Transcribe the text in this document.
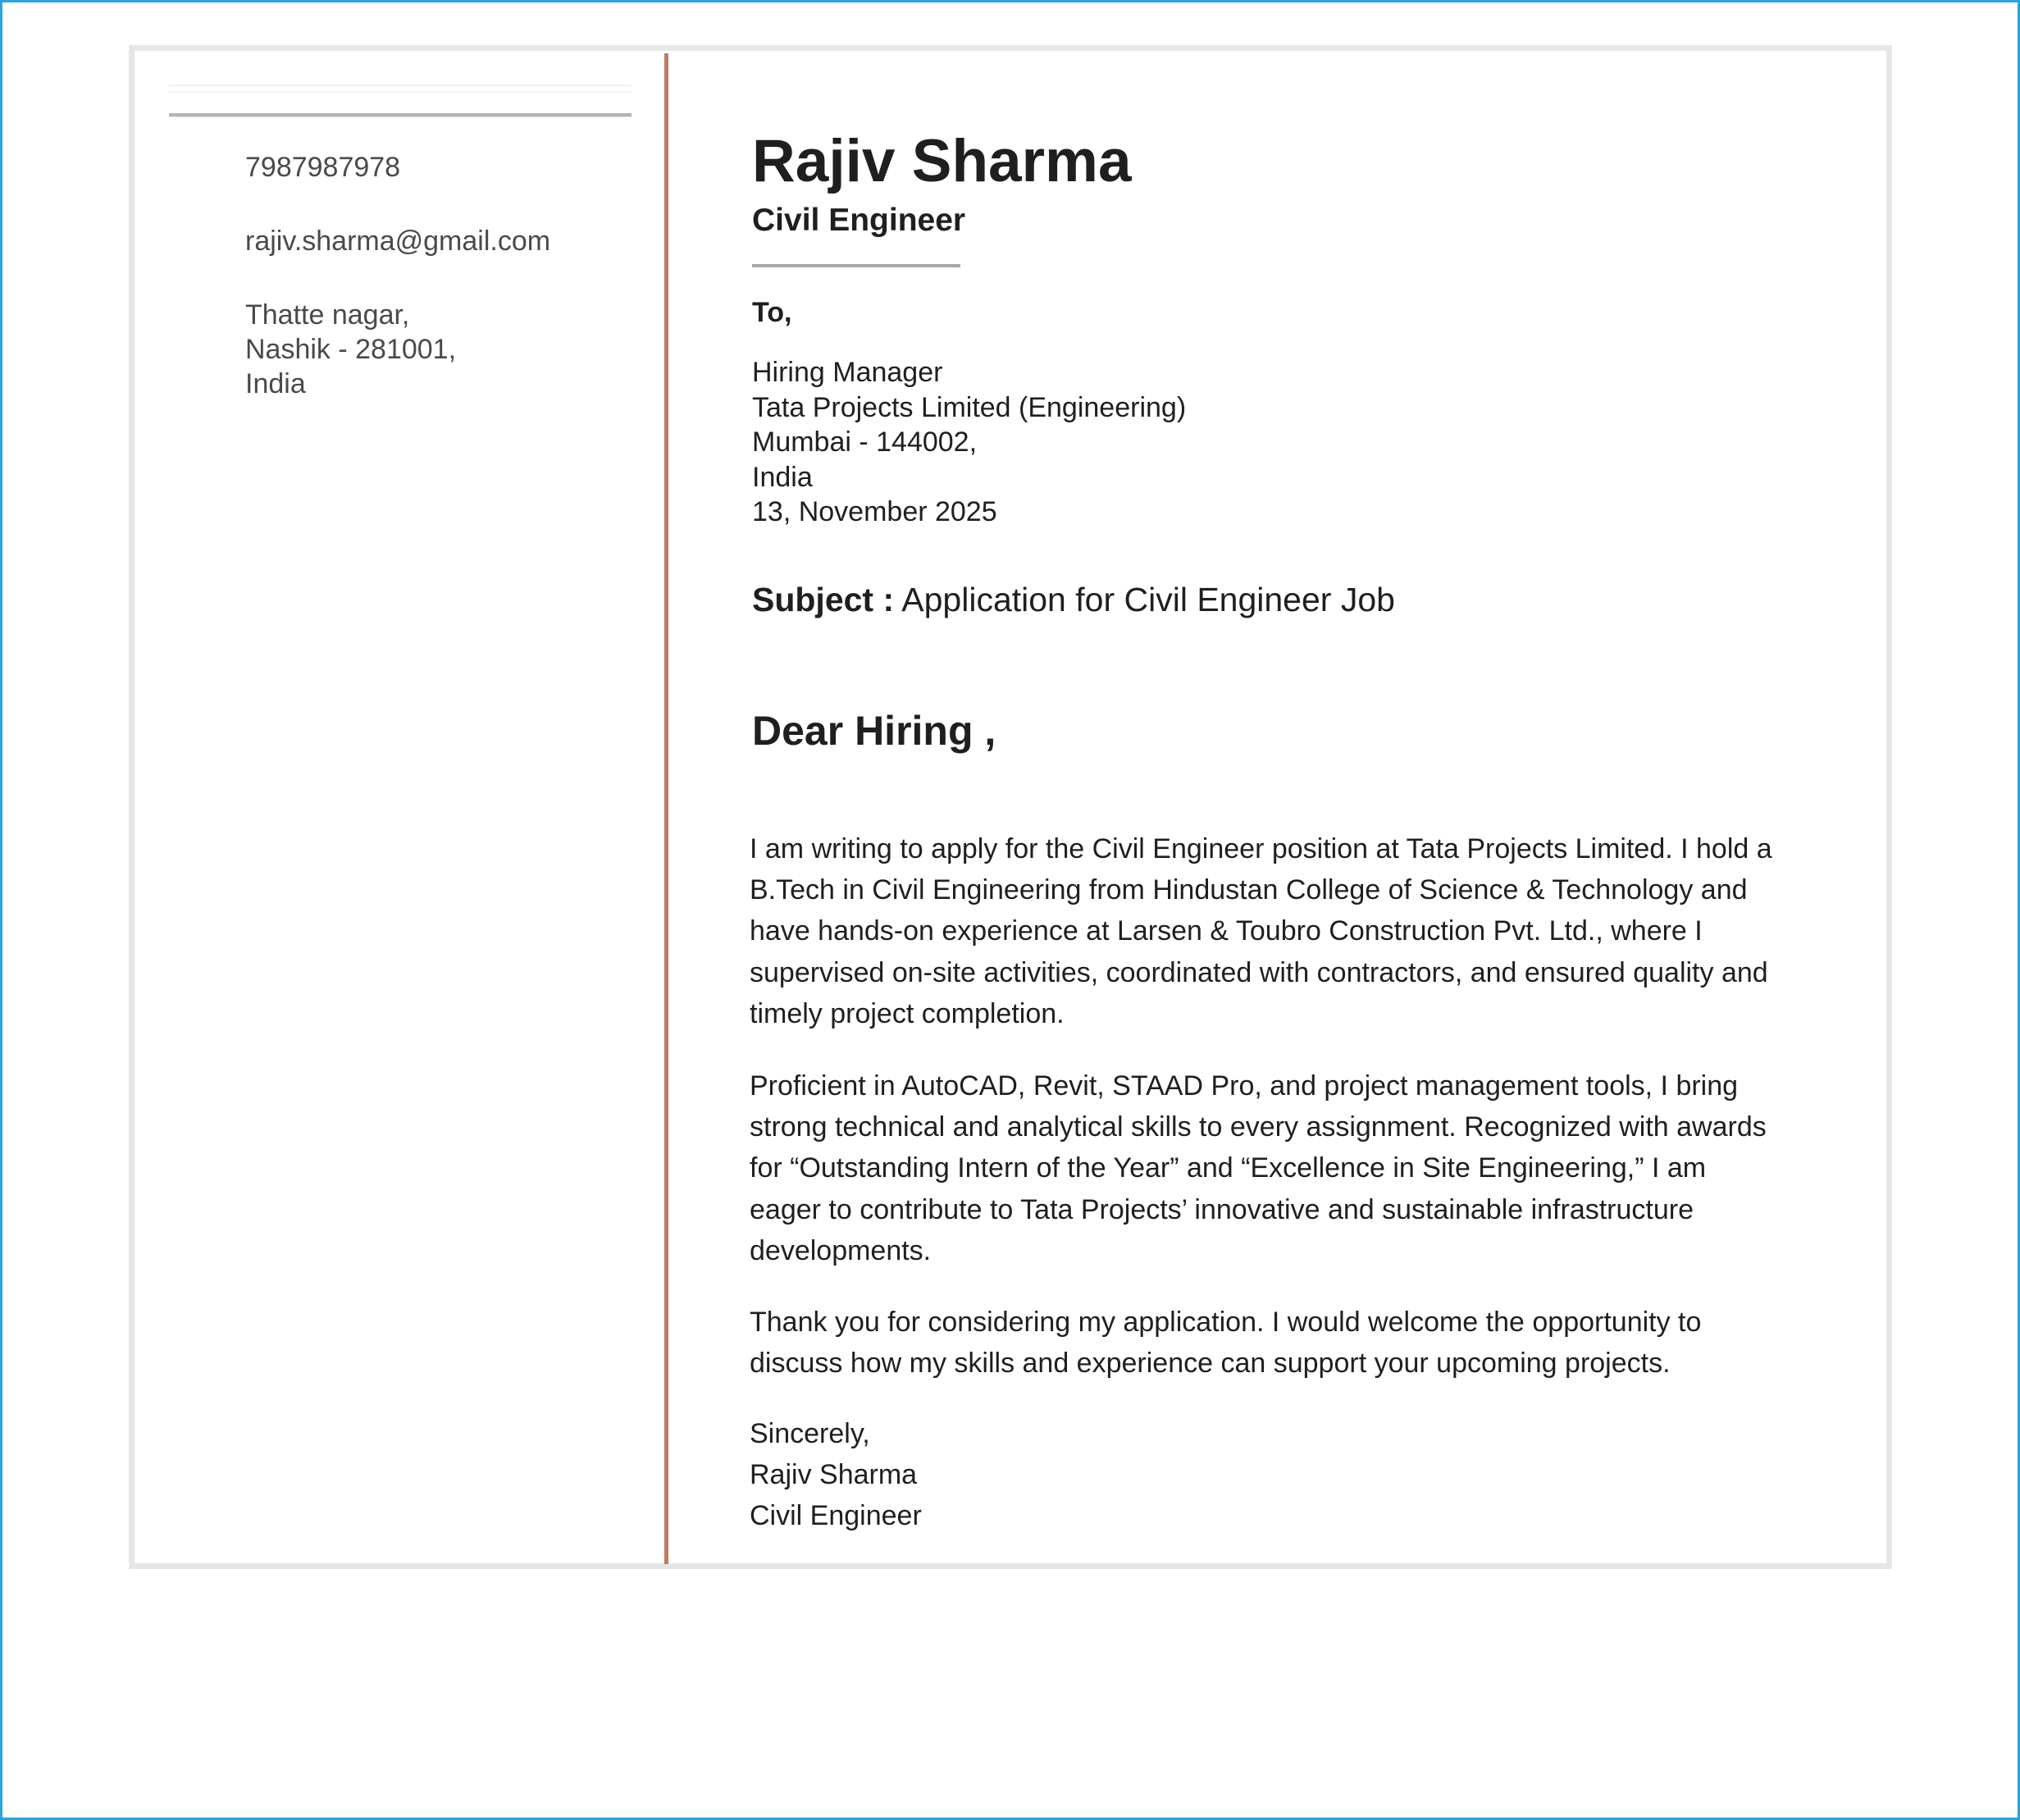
7987987978
rajiv.sharma@gmail.com
Thatte nagar,
Nashik - 281001,
India
Rajiv Sharma
Civil Engineer
To,
Hiring Manager
Tata Projects Limited (Engineering)
Mumbai - 144002,
India
13, November 2025
Subject : Application for Civil Engineer Job
Dear Hiring ,
I am writing to apply for the Civil Engineer position at Tata Projects Limited. I hold a
B.Tech in Civil Engineering from Hindustan College of Science & Technology and
have hands-on experience at Larsen & Toubro Construction Pvt. Ltd., where I
supervised on-site activities, coordinated with contractors, and ensured quality and
timely project completion.
Proficient in AutoCAD, Revit, STAAD Pro, and project management tools, I bring
strong technical and analytical skills to every assignment. Recognized with awards
for “Outstanding Intern of the Year” and “Excellence in Site Engineering,” I am
eager to contribute to Tata Projects’ innovative and sustainable infrastructure
developments.
Thank you for considering my application. I would welcome the opportunity to
discuss how my skills and experience can support your upcoming projects.
Sincerely,
Rajiv Sharma
Civil Engineer
